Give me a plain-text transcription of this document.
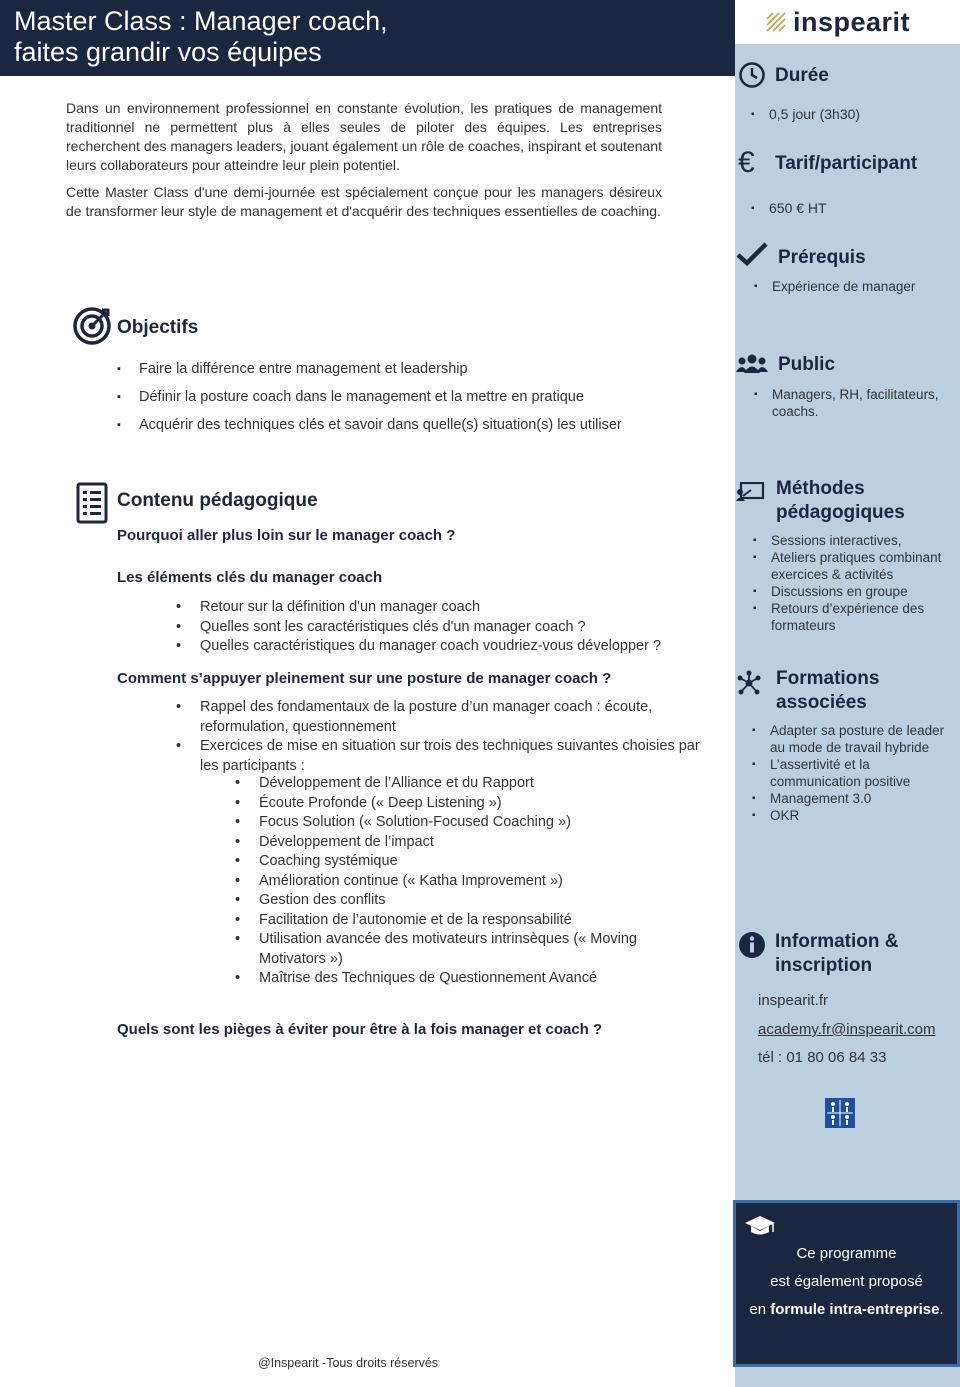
Master Class : Manager coach,
faites grandir vos équipes
inspearit

Dans un environnement professionnel en constante évolution, les pratiques de management traditionnel ne permettent plus à elles seules de piloter des équipes. Les entreprises recherchent des managers leaders, jouant également un rôle de coaches, inspirant et soutenant leurs collaborateurs pour atteindre leur plein potentiel.

Cette Master Class d'une demi-journée est spécialement conçue pour les managers désireux de transformer leur style de management et d'acquérir des techniques essentielles de coaching.

Objectifs
▪ Faire la différence entre management et leadership
▪ Définir la posture coach dans le management et la mettre en pratique
▪ Acquérir des techniques clés et savoir dans quelle(s) situation(s) les utiliser
Contenu pédagogique
Pourquoi aller plus loin sur le manager coach ?
Les éléments clés du manager coach
• Retour sur la définition d'un manager coach
• Quelles sont les caractéristiques clés d'un manager coach ?
• Quelles caractéristiques du manager coach voudriez-vous développer ?
Comment s’appuyer pleinement sur une posture de manager coach ?
• Rappel des fondamentaux de la posture d’un manager coach : écoute, reformulation, questionnement
• Exercices de mise en situation sur trois des techniques suivantes choisies par les participants :
• Développement de l’Alliance et du Rapport
• Écoute Profonde (« Deep Listening »)
• Focus Solution (« Solution-Focused Coaching »)
• Développement de l’impact
• Coaching systémique
• Amélioration continue (« Katha Improvement »)
• Gestion des conflits
• Facilitation de l’autonomie et de la responsabilité
• Utilisation avancée des motivateurs intrinsèques (« Moving Motivators »)
• Maîtrise des Techniques de Questionnement Avancé
Quels sont les pièges à éviter pour être à la fois manager et coach ?
Durée
▪ 0,5 jour (3h30)
€ Tarif/participant
▪ 650 € HT
Prérequis
▪ Expérience de manager
Public
▪ Managers, RH, facilitateurs, coachs.
Méthodes
pédagogiques
▪ Sessions interactives,
▪ Ateliers pratiques combinant exercices & activités
▪ Discussions en groupe
▪ Retours d’expérience des formateurs
Formations
associées
▪ Adapter sa posture de leader au mode de travail hybride
▪ L’assertivité et la communication positive
▪ Management 3.0
▪ OKR
Information &
inscription
inspearit.fr
academy.fr@inspearit.com
tél : 01 80 06 84 33
Ce programme
est également proposé
en formule intra-entreprise.
@Inspearit -Tous droits réservés
